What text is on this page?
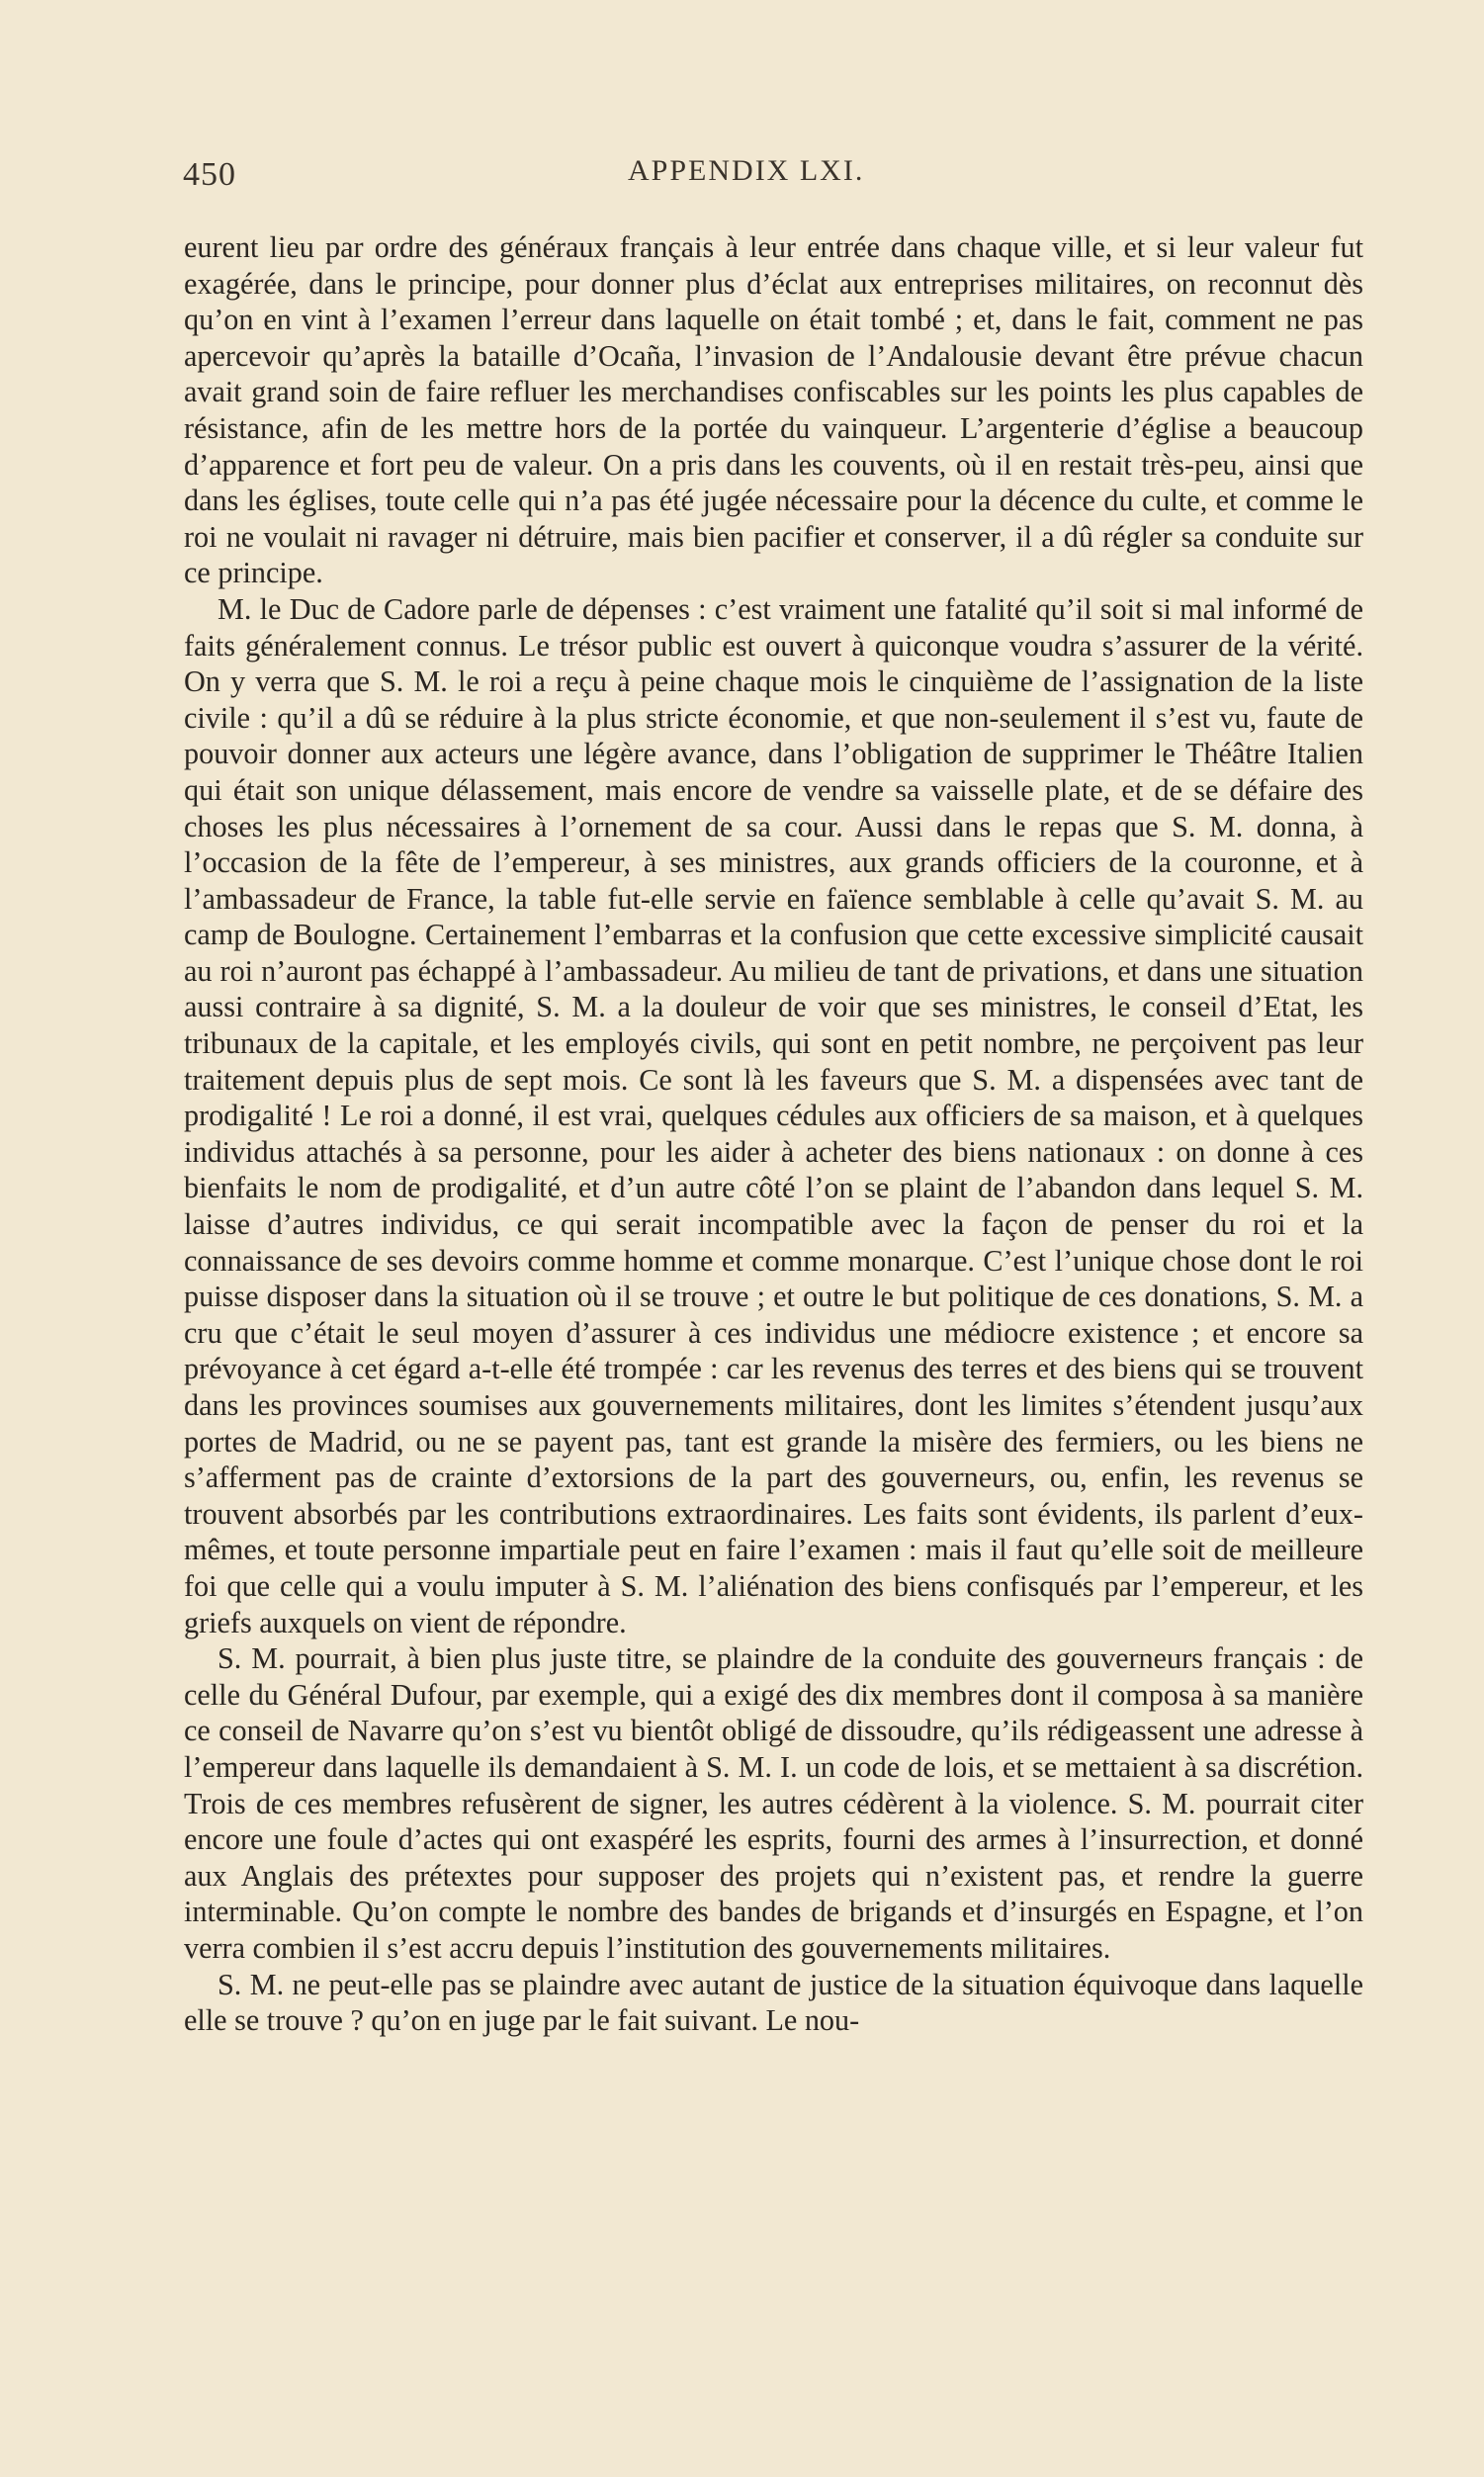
450	APPENDIX LXI.

eurent lieu par ordre des généraux français à leur entrée dans chaque ville, et si leur valeur fut exagérée, dans le principe, pour donner plus d’éclat aux entreprises militaires, on reconnut dès qu’on en vint à l’examen l’erreur dans laquelle on était tombé ; et, dans le fait, comment ne pas apercevoir qu’après la bataille d’Ocaña, l’invasion de l’Andalousie devant être prévue chacun avait grand soin de faire refluer les merchandises confiscables sur les points les plus capables de résistance, afin de les mettre hors de la portée du vainqueur. L’argenterie d’église a beaucoup d’apparence et fort peu de valeur. On a pris dans les couvents, où il en restait très-peu, ainsi que dans les églises, toute celle qui n’a pas été jugée nécessaire pour la décence du culte, et comme le roi ne voulait ni ravager ni détruire, mais bien pacifier et conserver, il a dû régler sa conduite sur ce principe.

M. le Duc de Cadore parle de dépenses : c’est vraiment une fatalité qu’il soit si mal informé de faits généralement connus. Le trésor public est ouvert à quiconque voudra s’assurer de la vérité. On y verra que S. M. le roi a reçu à peine chaque mois le cinquième de l’assignation de la liste civile : qu’il a dû se réduire à la plus stricte économie, et que non-seulement il s’est vu, faute de pouvoir donner aux acteurs une légère avance, dans l’obligation de supprimer le Théâtre Italien qui était son unique délassement, mais encore de vendre sa vaisselle plate, et de se défaire des choses les plus nécessaires à l’ornement de sa cour. Aussi dans le repas que S. M. donna, à l’occasion de la fête de l’empereur, à ses ministres, aux grands officiers de la couronne, et à l’ambassadeur de France, la table fut-elle servie en faïence semblable à celle qu’avait S. M. au camp de Boulogne. Certainement l’embarras et la confusion que cette excessive simplicité causait au roi n’auront pas échappé à l’ambassadeur. Au milieu de tant de privations, et dans une situation aussi contraire à sa dignité, S. M. a la douleur de voir que ses ministres, le conseil d’Etat, les tribunaux de la capitale, et les employés civils, qui sont en petit nombre, ne perçoivent pas leur traitement depuis plus de sept mois. Ce sont là les faveurs que S. M. a dispensées avec tant de prodigalité ! Le roi a donné, il est vrai, quelques cédules aux officiers de sa maison, et à quelques individus attachés à sa personne, pour les aider à acheter des biens nationaux : on donne à ces bienfaits le nom de prodigalité, et d’un autre côté l’on se plaint de l’abandon dans lequel S. M. laisse d’autres individus, ce qui serait incompatible avec la façon de penser du roi et la connaissance de ses devoirs comme homme et comme monarque. C’est l’unique chose dont le roi puisse disposer dans la situation où il se trouve ; et outre le but politique de ces donations, S. M. a cru que c’était le seul moyen d’assurer à ces individus une médiocre existence ; et encore sa prévoyance à cet égard a-t-elle été trompée : car les revenus des terres et des biens qui se trouvent dans les provinces soumises aux gouvernements militaires, dont les limites s’étendent jusqu’aux portes de Madrid, ou ne se payent pas, tant est grande la misère des fermiers, ou les biens ne s’afferment pas de crainte d’extorsions de la part des gouverneurs, ou, enfin, les revenus se trouvent absorbés par les contributions extraordinaires. Les faits sont évidents, ils parlent d’eux-mêmes, et toute personne impartiale peut en faire l’examen : mais il faut qu’elle soit de meilleure foi que celle qui a voulu imputer à S. M. l’aliénation des biens confisqués par l’empereur, et les griefs auxquels on vient de répondre.

S. M. pourrait, à bien plus juste titre, se plaindre de la conduite des gouverneurs français : de celle du Général Dufour, par exemple, qui a exigé des dix membres dont il composa à sa manière ce conseil de Navarre qu’on s’est vu bientôt obligé de dissoudre, qu’ils rédigeassent une adresse à l’empereur dans laquelle ils demandaient à S. M. I. un code de lois, et se mettaient à sa discrétion. Trois de ces membres refusèrent de signer, les autres cédèrent à la violence. S. M. pourrait citer encore une foule d’actes qui ont exaspéré les esprits, fourni des armes à l’insurrection, et donné aux Anglais des prétextes pour supposer des projets qui n’existent pas, et rendre la guerre interminable. Qu’on compte le nombre des bandes de brigands et d’insurgés en Espagne, et l’on verra combien il s’est accru depuis l’institution des gouvernements militaires.

S. M. ne peut-elle pas se plaindre avec autant de justice de la situation équivoque dans laquelle elle se trouve ? qu’on en juge par le fait suivant. Le nou-
